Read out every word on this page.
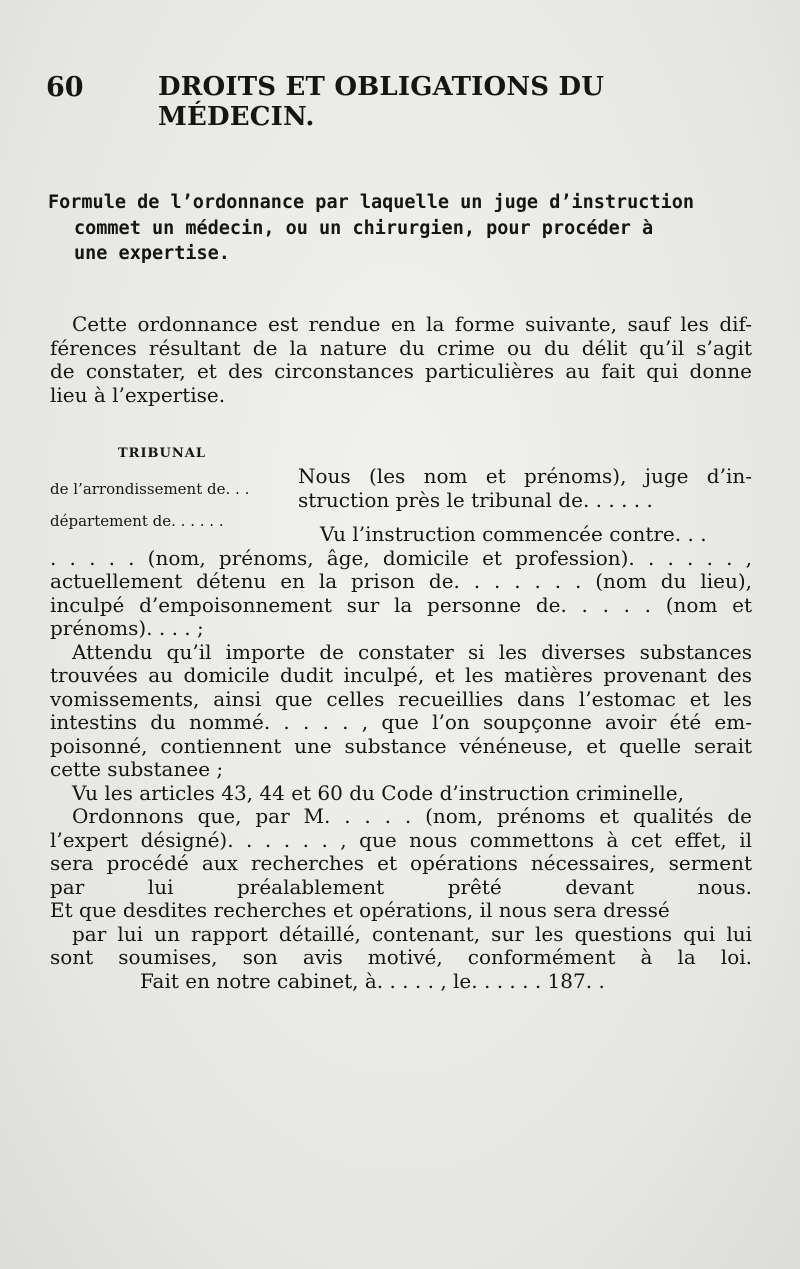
60	DROITS ET OBLIGATIONS DU MÉDECIN.
Formule de l’ordonnance par laquelle un juge d’instruction
commet un médecin, ou un chirurgien, pour procéder à
une expertise.
Cette ordonnance est rendue en la forme suivante, sauf les dif-
férences résultant de la nature du crime ou du délit qu’il s’agit
de constater, et des circonstances particulières au fait qui donne
lieu à l’expertise.
TRIBUNAL
de l’arrondissement de. . .
département de. . . . . .
Nous (les nom et prénoms), juge d’in-
struction près le tribunal de. . . . . .
Vu l’instruction commencée contre. . .
. . . . . (nom, prénoms, âge, domicile et profession). . . . . . ,
actuellement détenu en la prison de. . . . . . . (nom du lieu),
inculpé d’empoisonnement sur la personne de. . . . . (nom et
prénoms). . . . ;
Attendu qu’il importe de constater si les diverses substances
trouvées au domicile dudit inculpé, et les matières provenant des
vomissements, ainsi que celles recueillies dans l’estomac et les
intestins du nommé. . . . . , que l’on soupçonne avoir été em-
poisonné, contiennent une substance vénéneuse, et quelle serait
cette substanee ;
Vu les articles 43, 44 et 60 du Code d’instruction criminelle,
Ordonnons que, par M. . . . . (nom, prénoms et qualités de
l’expert désigné). . . . . . , que nous commettons à cet effet, il
sera procédé aux recherches et opérations nécessaires, serment
par lui préalablement prêté devant nous.
Et que desdites recherches et opérations, il nous sera dressé
par lui un rapport détaillé, contenant, sur les questions qui lui
sont soumises, son avis motivé, conformément à la loi.
Fait en notre cabinet, à. . . . . , le. . . . . . 187. .
